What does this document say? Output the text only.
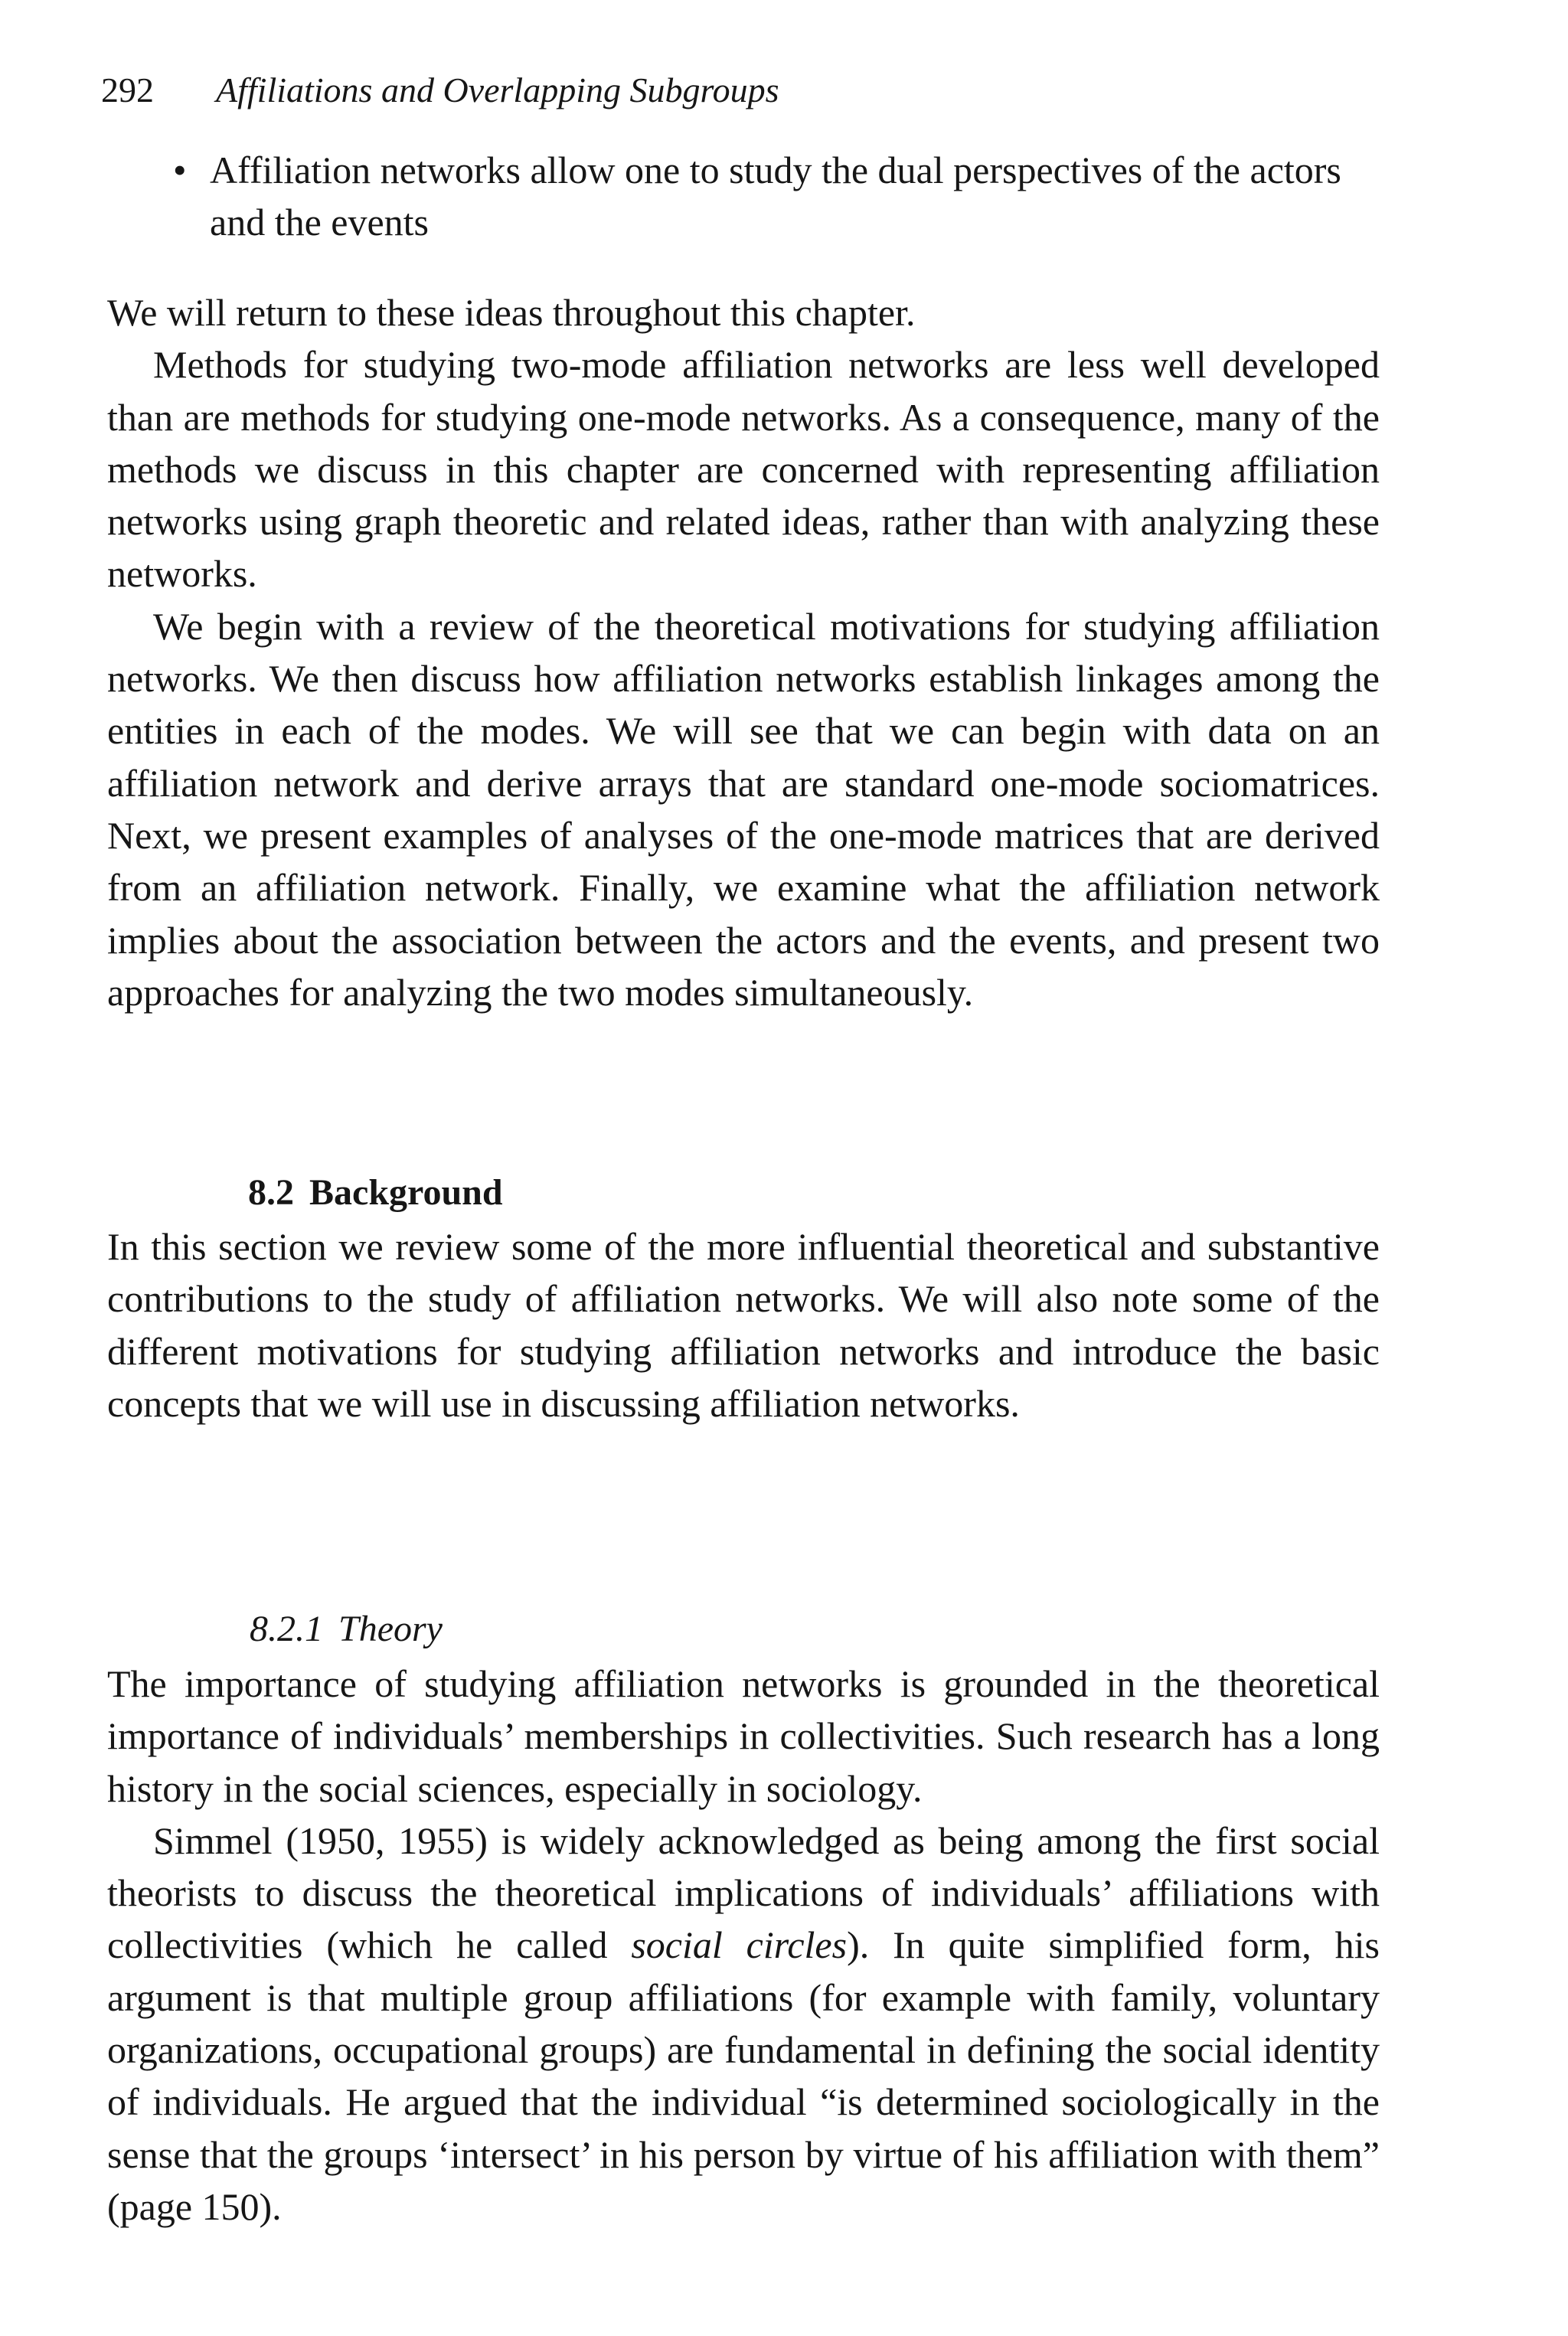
292 Affiliations and Overlapping Subgroups
• Affiliation networks allow one to study the dual perspectives of the actors and the events

We will return to these ideas throughout this chapter.

Methods for studying two-mode affiliation networks are less well developed than are methods for studying one-mode networks. As a consequence, many of the methods we discuss in this chapter are concerned with representing affiliation networks using graph theoretic and related ideas, rather than with analyzing these networks.

We begin with a review of the theoretical motivations for studying affiliation networks. We then discuss how affiliation networks establish linkages among the entities in each of the modes. We will see that we can begin with data on an affiliation network and derive arrays that are standard one-mode sociomatrices. Next, we present examples of analyses of the one-mode matrices that are derived from an affiliation network. Finally, we examine what the affiliation network implies about the association between the actors and the events, and present two approaches for analyzing the two modes simultaneously.

8.2 Background

In this section we review some of the more influential theoretical and substantive contributions to the study of affiliation networks. We will also note some of the different motivations for studying affiliation networks and introduce the basic concepts that we will use in discussing affiliation networks.

8.2.1 Theory

The importance of studying affiliation networks is grounded in the theoretical importance of individuals’ memberships in collectivities. Such research has a long history in the social sciences, especially in sociology.

Simmel (1950, 1955) is widely acknowledged as being among the first social theorists to discuss the theoretical implications of individuals’ affiliations with collectivities (which he called social circles). In quite simplified form, his argument is that multiple group affiliations (for example with family, voluntary organizations, occupational groups) are fundamental in defining the social identity of individuals. He argued that the individual “is determined sociologically in the sense that the groups ‘intersect’ in his person by virtue of his affiliation with them” (page 150).
